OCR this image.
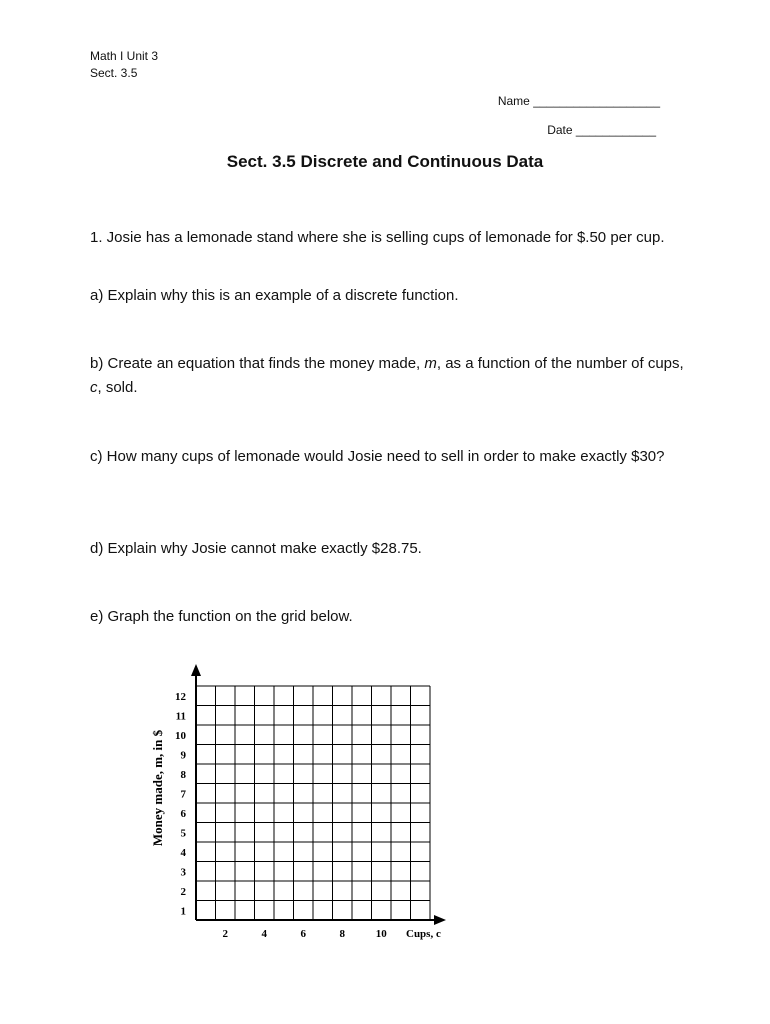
Math I Unit 3
Sect. 3.5
Name ___________________
Date ____________
Sect. 3.5 Discrete and Continuous Data
1. Josie has a lemonade stand where she is selling cups of lemonade for $.50 per cup.
a) Explain why this is an example of a discrete function.
b) Create an equation that finds the money made, m, as a function of the number of cups, c, sold.
c) How many cups of lemonade would Josie need to sell in order to make exactly $30?
d) Explain why Josie cannot make exactly $28.75.
e) Graph the function on the grid below.
1
2
3
4
5
6
7
8
9
10
11
12
2	4	6	8	10 Cups, c
Money made, m, in $
